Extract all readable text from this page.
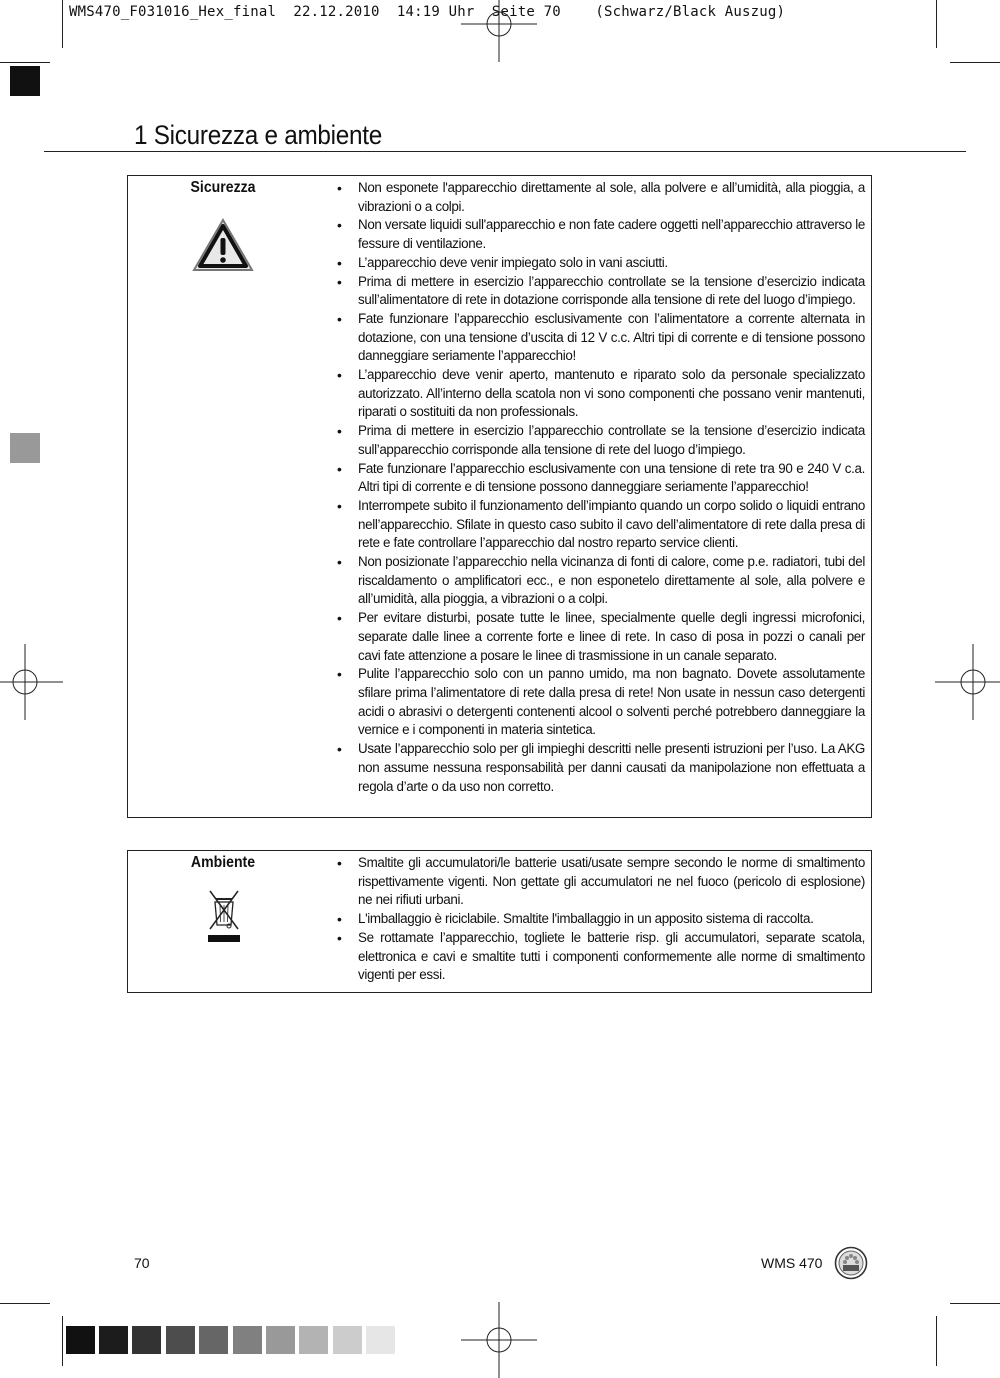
WMS470_F031016_Hex_final  22.12.2010  14:19 Uhr  Seite 70    (Schwarz/Black Auszug)
1 Sicurezza e ambiente
Sicurezza	• Non esponete l'apparecchio direttamente al sole, alla polvere e all’umidità, alla pioggia, a vibrazioni o a colpi.
• Non versate liquidi sull'apparecchio e non fate cadere oggetti nell’apparecchio attraverso le fessure di ventilazione.
• L’apparecchio deve venir impiegato solo in vani asciutti.
• Prima di mettere in esercizio l’apparecchio controllate se la tensione d’esercizio indicata sull’alimentatore di rete in dotazione corrisponde alla tensione di rete del luogo d’impiego.
• Fate funzionare l’apparecchio esclusivamente con l’alimentatore a corrente alternata in dotazione, con una tensione d’uscita di 12 V c.c. Altri tipi di corrente e di tensione possono danneggiare seriamente l’apparecchio!
• L’apparecchio deve venir aperto, mantenuto e riparato solo da personale specializzato autorizzato. All’interno della scatola non vi sono componenti che possano venir mantenuti, riparati o sostituiti da non professionals.
• Prima di mettere in esercizio l’apparecchio controllate se la tensione d’esercizio indicata sull’apparecchio corrisponde alla tensione di rete del luogo d’impiego.
• Fate funzionare l’apparecchio esclusivamente con una tensione di rete tra 90 e 240 V c.a. Altri tipi di corrente e di tensione possono danneggiare seriamente l’apparecchio!
• Interrompete subito il funzionamento dell’impianto quando un corpo solido o liquidi entrano nell’apparecchio. Sfilate in questo caso subito il cavo dell’alimentatore di rete dalla presa di rete e fate controllare l’apparecchio dal nostro reparto service clienti.
• Non posizionate l’apparecchio nella vicinanza di fonti di calore, come p.e. radiatori, tubi del riscaldamento o amplificatori ecc., e non esponetelo direttamente al sole, alla polvere e all’umidità, alla pioggia, a vibrazioni o a colpi.
• Per evitare disturbi, posate tutte le linee, specialmente quelle degli ingressi microfonici, separate dalle linee a corrente forte e linee di rete. In caso di posa in pozzi o canali per cavi fate attenzione a posare le linee di trasmissione in un canale separato.
• Pulite l’apparecchio solo con un panno umido, ma non bagnato. Dovete assolutamente sfilare prima l’alimentatore di rete dalla presa di rete! Non usate in nessun caso detergenti acidi o abrasivi o detergenti contenenti alcool o solventi perché potrebbero danneggiare la vernice e i componenti in materia sintetica.
• Usate l’apparecchio solo per gli impieghi descritti nelle presenti istruzioni per l’uso. La AKG non assume nessuna responsabilità per danni causati da manipolazione non effettuata a regola d’arte o da uso non corretto.
Ambiente	• Smaltite gli accumulatori/le batterie usati/usate sempre secondo le norme di smaltimento rispettivamente vigenti. Non gettate gli accumulatori ne nel fuoco (pericolo di esplosione) ne nei rifiuti urbani.
• L'imballaggio è riciclabile. Smaltite l'imballaggio in un apposito sistema di raccolta.
• Se rottamate l’apparecchio, togliete le batterie risp. gli accumulatori, separate scatola, elettronica e cavi e smaltite tutti i componenti conformemente alle norme di smaltimento vigenti per essi.
70	WMS 470
